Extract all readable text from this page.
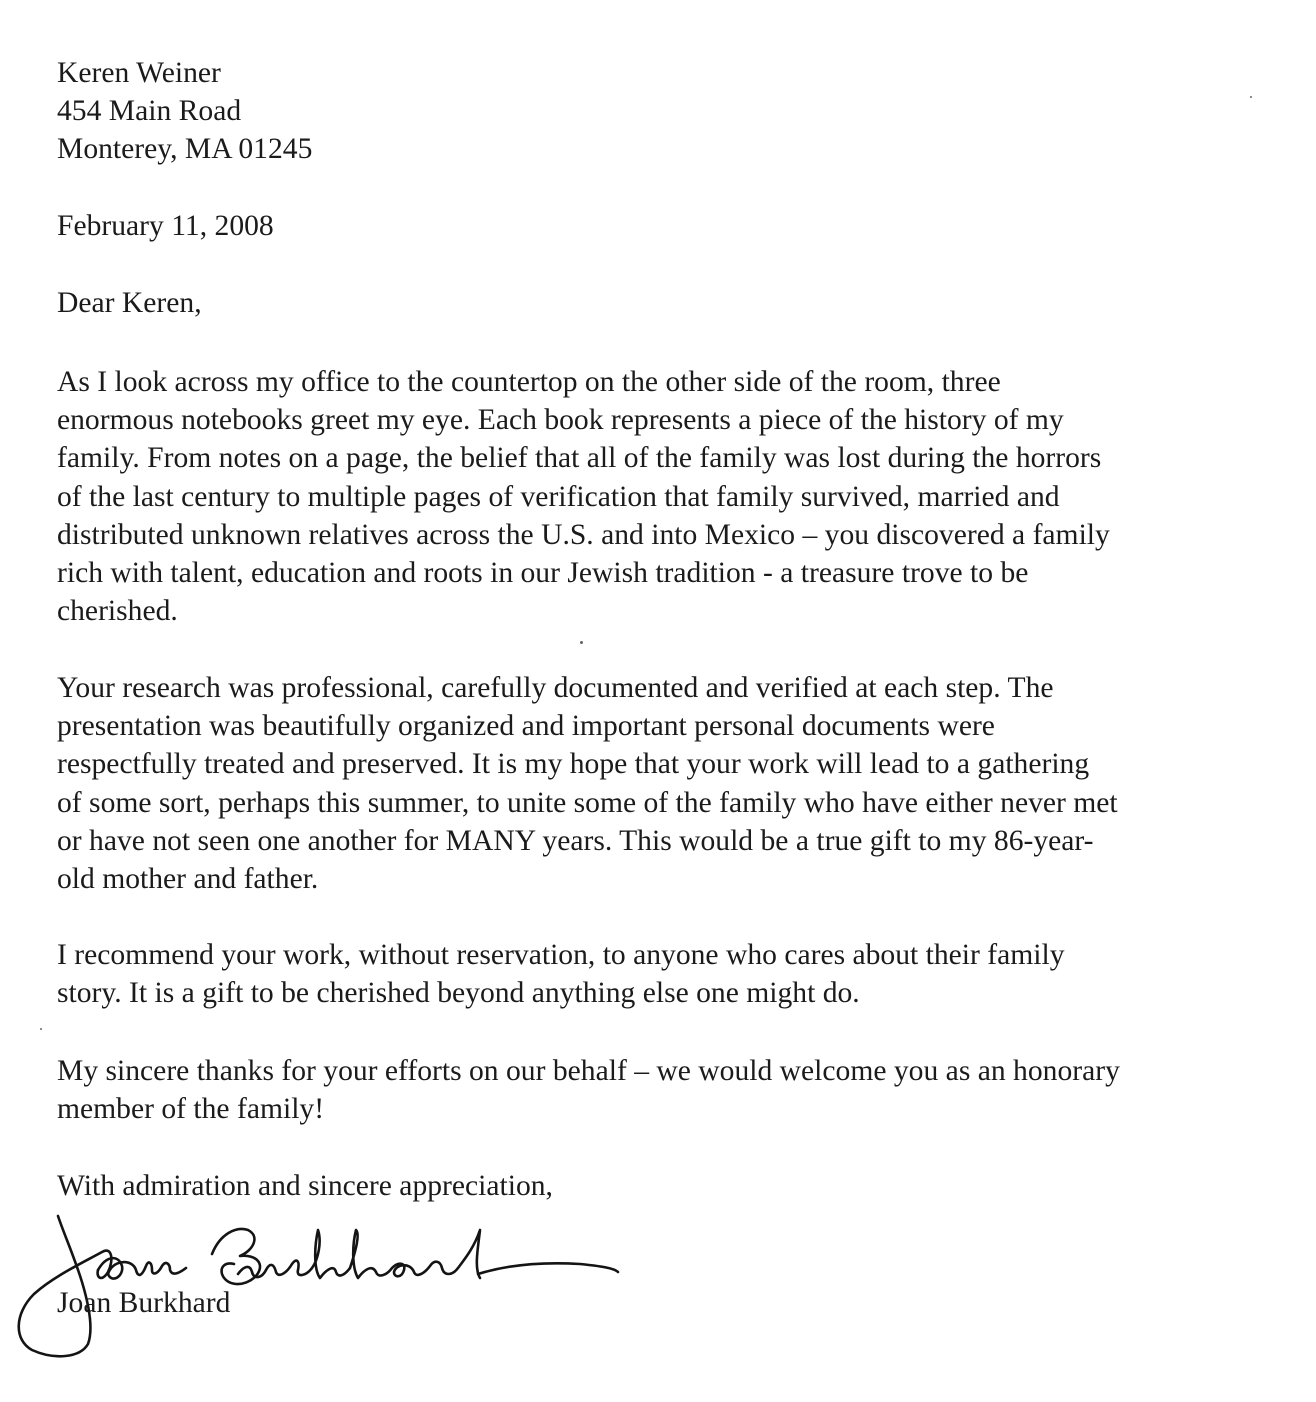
Keren Weiner
454 Main Road
Monterey, MA 01245
February 11, 2008
Dear Keren,
As I look across my office to the countertop on the other side of the room, three
enormous notebooks greet my eye. Each book represents a piece of the history of my
family. From notes on a page, the belief that all of the family was lost during the horrors
of the last century to multiple pages of verification that family survived, married and
distributed unknown relatives across the U.S. and into Mexico – you discovered a family
rich with talent, education and roots in our Jewish tradition - a treasure trove to be
cherished.
Your research was professional, carefully documented and verified at each step. The
presentation was beautifully organized and important personal documents were
respectfully treated and preserved. It is my hope that your work will lead to a gathering
of some sort, perhaps this summer, to unite some of the family who have either never met
or have not seen one another for MANY years. This would be a true gift to my 86-year-
old mother and father.
I recommend your work, without reservation, to anyone who cares about their family
story. It is a gift to be cherished beyond anything else one might do.
My sincere thanks for your efforts on our behalf – we would welcome you as an honorary
member of the family!
With admiration and sincere appreciation,
Joan Burkhard
